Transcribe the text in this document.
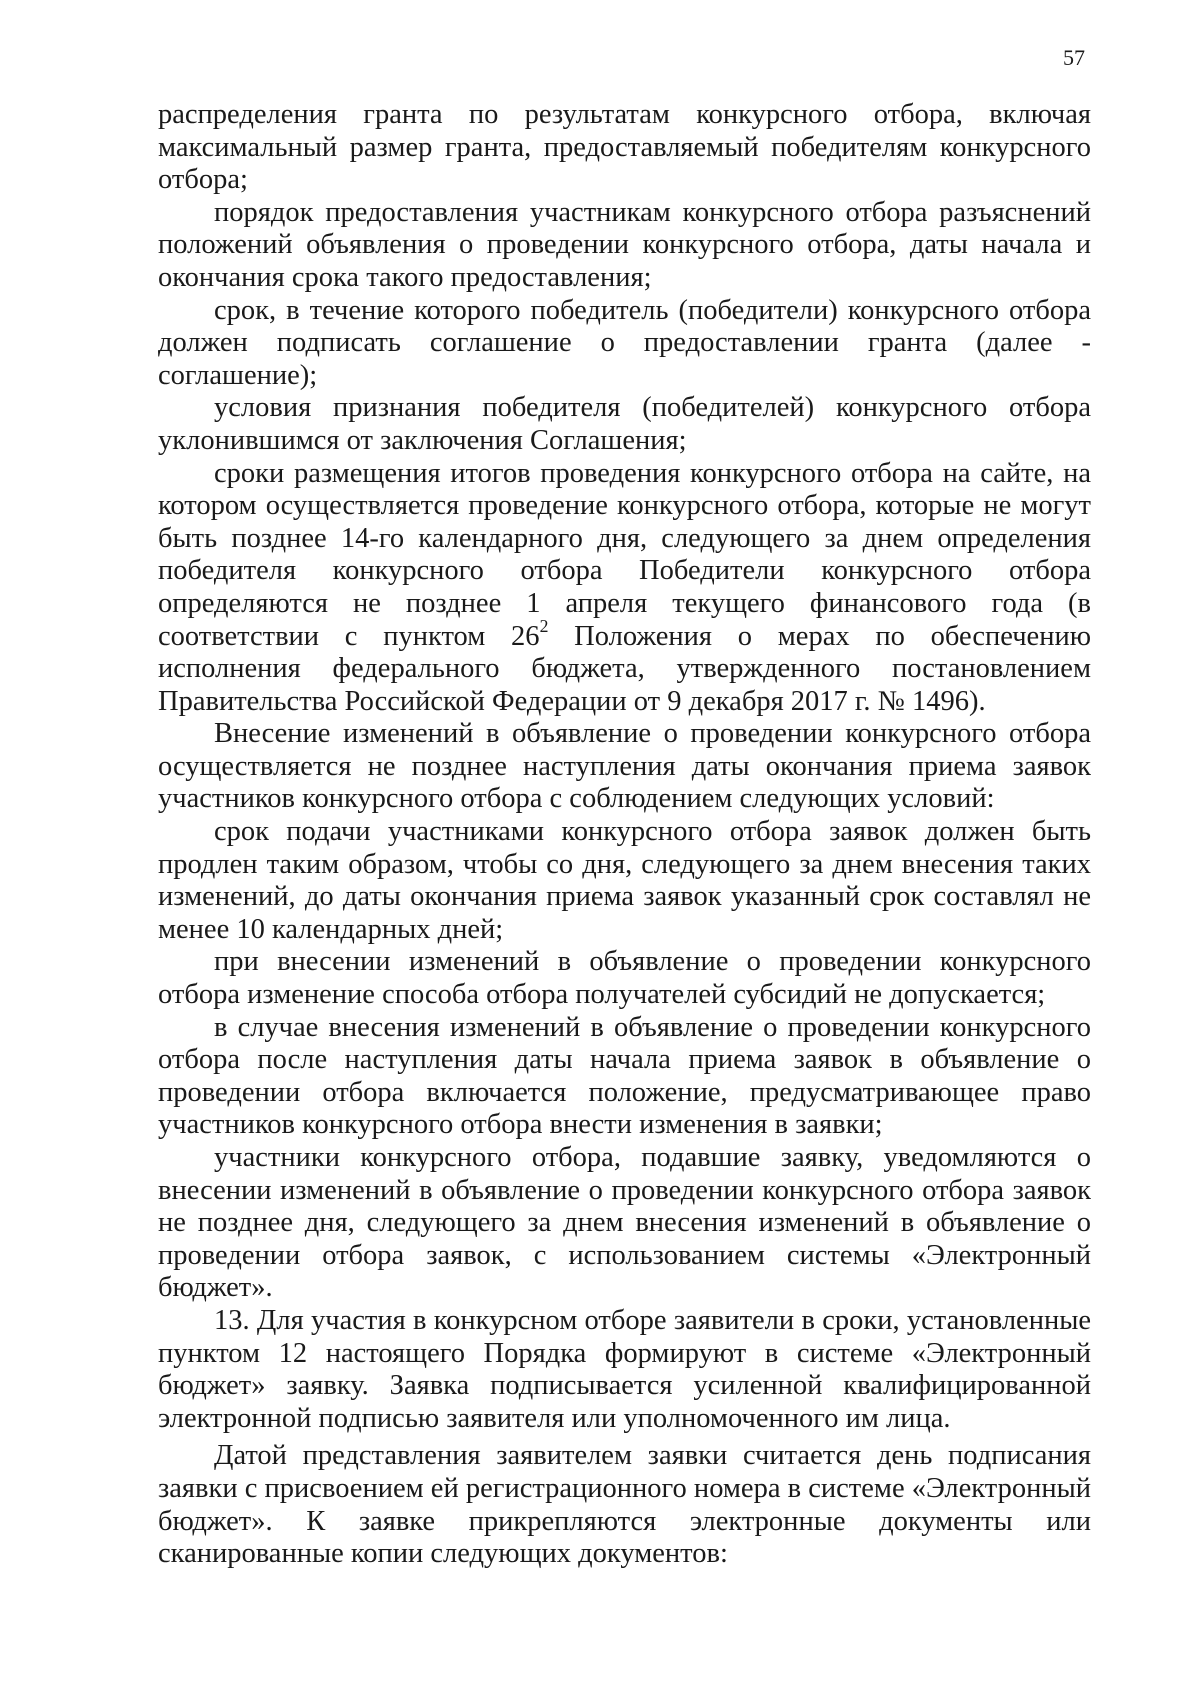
57

распределения гранта по результатам конкурсного отбора, включая максимальный размер гранта, предоставляемый победителям конкурсного отбора;

порядок предоставления участникам конкурсного отбора разъяснений положений объявления о проведении конкурсного отбора, даты начала и окончания срока такого предоставления;

срок, в течение которого победитель (победители) конкурсного отбора должен подписать соглашение о предоставлении гранта (далее - соглашение);

условия признания победителя (победителей) конкурсного отбора уклонившимся от заключения Соглашения;

сроки размещения итогов проведения конкурсного отбора на сайте, на котором осуществляется проведение конкурсного отбора, которые не могут быть позднее 14-го календарного дня, следующего за днем определения победителя конкурсного отбора Победители конкурсного отбора определяются не позднее 1 апреля текущего финансового года (в соответствии с пунктом $26^2$ Положения о мерах по обеспечению исполнения федерального бюджета, утвержденного постановлением Правительства Российской Федерации от 9 декабря 2017 г. № 1496).

Внесение изменений в объявление о проведении конкурсного отбора осуществляется не позднее наступления даты окончания приема заявок участников конкурсного отбора с соблюдением следующих условий:

срок подачи участниками конкурсного отбора заявок должен быть продлен таким образом, чтобы со дня, следующего за днем внесения таких изменений, до даты окончания приема заявок указанный срок составлял не менее 10 календарных дней;

при внесении изменений в объявление о проведении конкурсного отбора изменение способа отбора получателей субсидий не допускается;

в случае внесения изменений в объявление о проведении конкурсного отбора после наступления даты начала приема заявок в объявление о проведении отбора включается положение, предусматривающее право участников конкурсного отбора внести изменения в заявки;

участники конкурсного отбора, подавшие заявку, уведомляются о внесении изменений в объявление о проведении конкурсного отбора заявок не позднее дня, следующего за днем внесения изменений в объявление о проведении отбора заявок, с использованием системы «Электронный бюджет».

13. Для участия в конкурсном отборе заявители в сроки, установленные пунктом 12 настоящего Порядка формируют в системе «Электронный бюджет» заявку. Заявка подписывается усиленной квалифицированной электронной подписью заявителя или уполномоченного им лица.

Датой представления заявителем заявки считается день подписания заявки с присвоением ей регистрационного номера в системе «Электронный бюджет». К заявке прикрепляются электронные документы или сканированные копии следующих документов:
